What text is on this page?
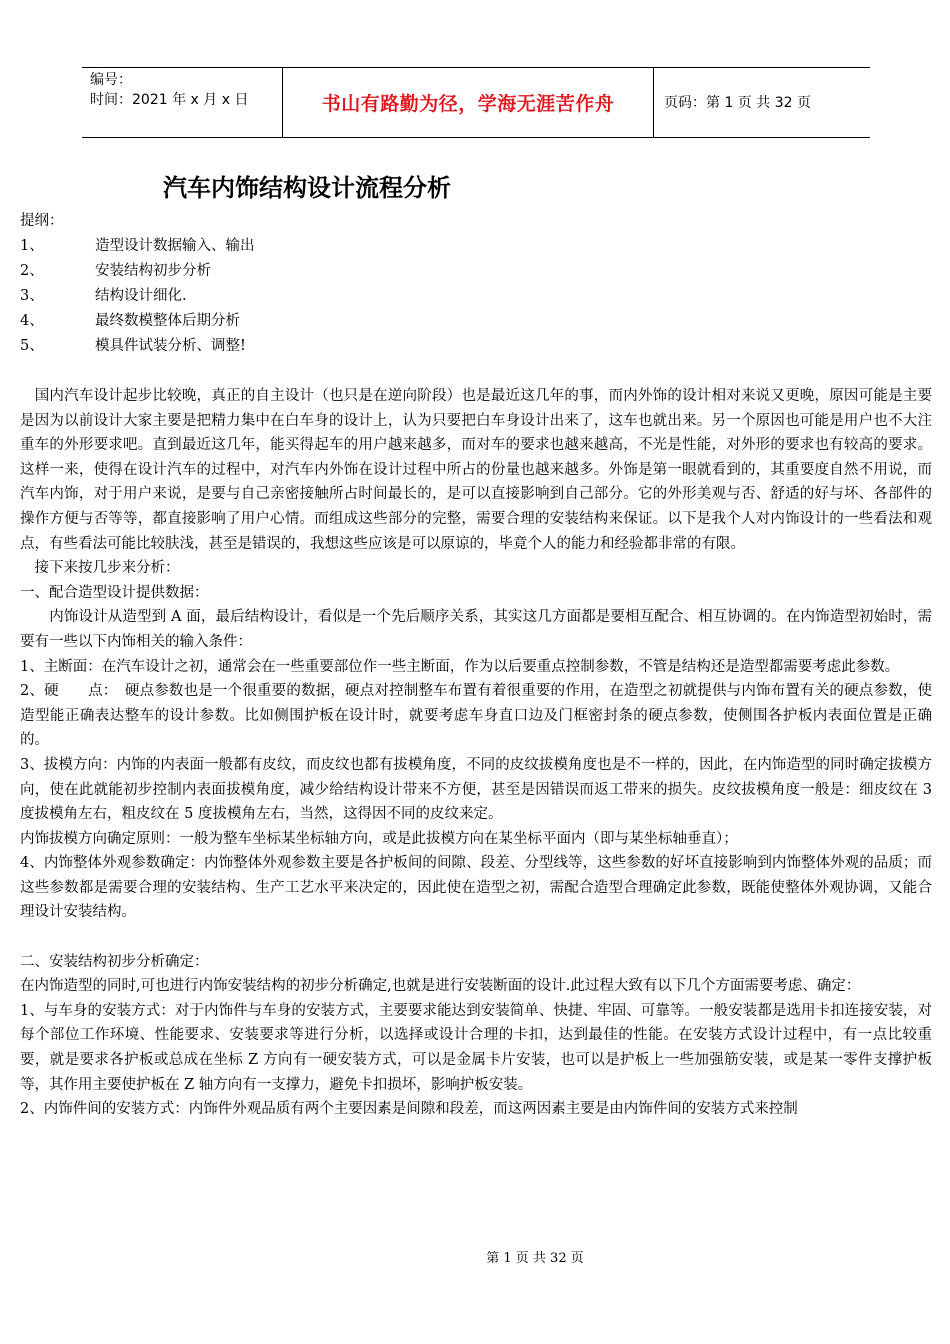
编号：
时间：2021 年 x 月 x 日	书山有路勤为径，学海无涯苦作舟	页码：第 1 页 共 32 页
汽车内饰结构设计流程分析
提纲：
1、	造型设计数据输入、输出
2、	安装结构初步分析
3、	结构设计细化.
4、	最终数模整体后期分析
5、	模具件试装分析、调整!

　国内汽车设计起步比较晚，真正的自主设计（也只是在逆向阶段）也是最近这几年的事，而内外饰的设计相对来说又更晚，原因可能是主要是因为以前设计大家主要是把精力集中在白车身的设计上，认为只要把白车身设计出来了，这车也就出来。另一个原因也可能是用户也不大注重车的外形要求吧。直到最近这几年，能买得起车的用户越来越多，而对车的要求也越来越高，不光是性能，对外形的要求也有较高的要求。这样一来，使得在设计汽车的过程中，对汽车内外饰在设计过程中所占的份量也越来越多。外饰是第一眼就看到的，其重要度自然不用说，而汽车内饰，对于用户来说，是要与自己亲密接触所占时间最长的，是可以直接影响到自己部分。它的外形美观与否、舒适的好与坏、各部件的操作方便与否等等，都直接影响了用户心情。而组成这些部分的完整，需要合理的安装结构来保证。以下是我个人对内饰设计的一些看法和观点，有些看法可能比较肤浅，甚至是错误的，我想这些应该是可以原谅的，毕竟个人的能力和经验都非常的有限。

　接下来按几步来分析：

一、配合造型设计提供数据：

　　内饰设计从造型到 A 面，最后结构设计，看似是一个先后顺序关系，其实这几方面都是要相互配合、相互协调的。在内饰造型初始时，需要有一些以下内饰相关的输入条件：

1、主断面：在汽车设计之初，通常会在一些重要部位作一些主断面，作为以后要重点控制参数，不管是结构还是造型都需要考虑此参数。

2、硬　　点：　硬点参数也是一个很重要的数据，硬点对控制整车布置有着很重要的作用，在造型之初就提供与内饰布置有关的硬点参数，使造型能正确表达整车的设计参数。比如侧围护板在设计时，就要考虑车身直口边及门框密封条的硬点参数，使侧围各护板内表面位置是正确的。

3、拔模方向：内饰的内表面一般都有皮纹，而皮纹也都有拔模角度，不同的皮纹拔模角度也是不一样的，因此，在内饰造型的同时确定拔模方向，使在此就能初步控制内表面拔模角度，减少给结构设计带来不方便，甚至是因错误而返工带来的损失。皮纹拔模角度一般是：细皮纹在 3 度拔模角左右，粗皮纹在 5 度拔模角左右，当然，这得因不同的皮纹来定。

内饰拔模方向确定原则：一般为整车坐标某坐标轴方向，或是此拔模方向在某坐标平面内（即与某坐标轴垂直）；

4、内饰整体外观参数确定：内饰整体外观参数主要是各护板间的间隙、段差、分型线等，这些参数的好坏直接影响到内饰整体外观的品质；而这些参数都是需要合理的安装结构、生产工艺水平来决定的，因此使在造型之初，需配合造型合理确定此参数，既能使整体外观协调，又能合理设计安装结构。

二、安装结构初步分析确定：

在内饰造型的同时,可也进行内饰安装结构的初步分析确定,也就是进行安装断面的设计.此过程大致有以下几个方面需要考虑、确定：

1、与车身的安装方式：对于内饰件与车身的安装方式，主要要求能达到安装简单、快捷、牢固、可靠等。一般安装都是选用卡扣连接安装，对每个部位工作环境、性能要求、安装要求等进行分析，以选择或设计合理的卡扣，达到最佳的性能。在安装方式设计过程中，有一点比较重要，就是要求各护板或总成在坐标 Z 方向有一硬安装方式，可以是金属卡片安装，也可以是护板上一些加强筋安装，或是某一零件支撑护板等，其作用主要使护板在 Z 轴方向有一支撑力，避免卡扣损坏，影响护板安装。

2、内饰件间的安装方式：内饰件外观品质有两个主要因素是间隙和段差，而这两因素主要是由内饰件间的安装方式来控制

第 1 页 共 32 页
